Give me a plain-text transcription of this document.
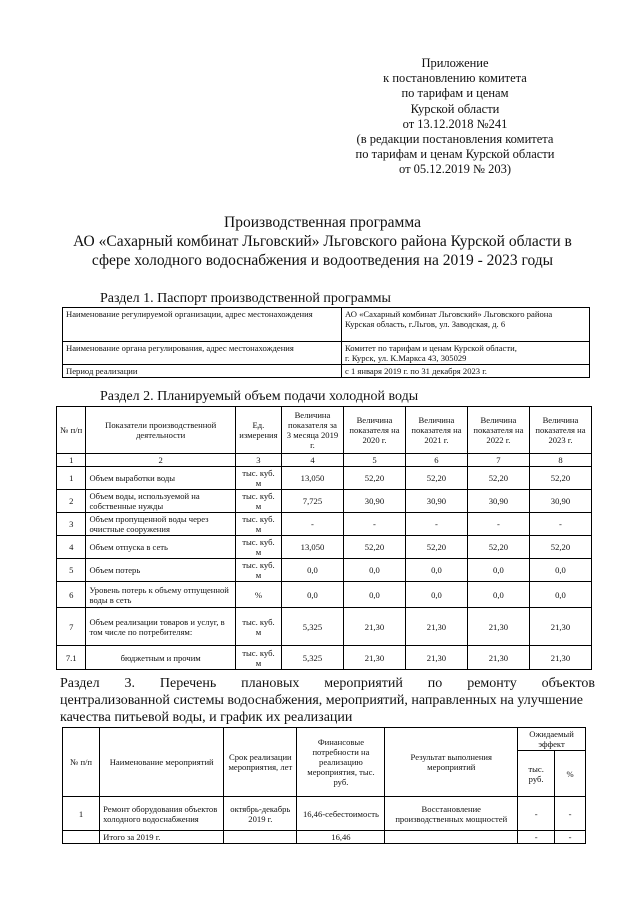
Приложение
к постановлению комитета
по тарифам и ценам
Курской области
от 13.12.2018 №241
(в редакции постановления комитета
по тарифам и ценам Курской области
от 05.12.2019 № 203)
Производственная программа
АО «Сахарный комбинат Льговский» Льговского района Курской области в
сфере холодного водоснабжения и водоотведения на 2019 - 2023 годы
Раздел 1. Паспорт производственной программы
Наименование регулируемой организации, адрес местонахождения	АО «Сахарный комбинат Льговский» Льговского района
Курская область, г.Льгов, ул. Заводская, д. 6
Наименование органа регулирования, адрес местонахождения	Комитет по тарифам и ценам Курской области,
г. Курск, ул. К.Маркса 43, 305029
Период реализации	с 1 января 2019 г. по 31 декабря 2023 г.
Раздел 2. Планируемый объем подачи холодной воды
№ п/п	Показатели производственной деятельности	Ед. измерения	Величина показателя за 3 месяца 2019 г.	Величина показателя на 2020 г.	Величина показателя на 2021 г.	Величина показателя на 2022 г.	Величина показателя на 2023 г.
1	2	3	4	5	6	7	8
1	Объем выработки воды	тыс. куб. м	13,050	52,20	52,20	52,20	52,20
2	Объем воды, используемой на собственные нужды	тыс. куб. м	7,725	30,90	30,90	30,90	30,90
3	Объем пропущенной воды через очистные сооружения	тыс. куб. м	-	-	-	-	-
4	Объем отпуска в сеть	тыс. куб. м	13,050	52,20	52,20	52,20	52,20
5	Объем потерь	тыс. куб. м	0,0	0,0	0,0	0,0	0,0
6	Уровень потерь к объему отпущенной воды в сеть	%	0,0	0,0	0,0	0,0	0,0
7	Объем реализации товаров и услуг, в том числе по потребителям:	тыс. куб. м	5,325	21,30	21,30	21,30	21,30
7.1	бюджетным и прочим	тыс. куб. м	5,325	21,30	21,30	21,30	21,30
Раздел 3. Перечень плановых мероприятий по ремонту объектов
централизованной системы водоснабжения, мероприятий, направленных на улучшение
качества питьевой воды, и график их реализации
№ п/п	Наименование мероприятий	Срок реализации мероприятия, лет	Финансовые потребности на реализацию мероприятия, тыс. руб.	Результат выполнения мероприятий	Ожидаемый эффект	
					тыс. руб.	%
1	Ремонт оборудования объектов холодного водоснабжения	октябрь-декабрь 2019 г.	16,46-себестоимость	Восстановление производственных мощностей	-	-
	Итого за 2019 г.		16,46		-	-
